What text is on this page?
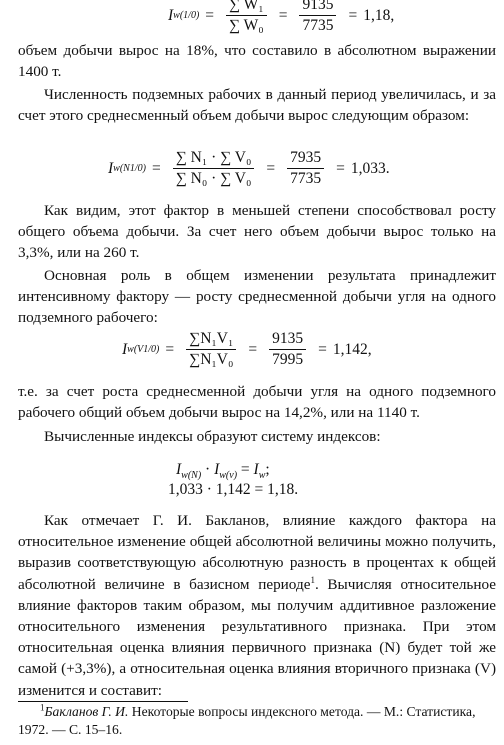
I $w(1/0) = \frac{\text{∑ W₁}}{\text{∑ W₀}} = \frac{9135}{7735} = 1,18$,

объем добычи вырос на 18%, что составило в абсолютном выражении 1400 т.

Численность подземных рабочих в данный период увеличилась, и за счет этого среднесменный объем добычи вырос следующим образом:

I $w(N1/0) = \frac{\text{∑ N₁ · ∑ V₀}}{\text{∑ N₀ · ∑ V₀}} = \frac{7935}{7735} = 1,033$.

Как видим, этот фактор в меньшей степени способствовал росту общего объема добычи. За счет него объем добычи вырос только на 3,3%, или на 260 т.

Основная роль в общем изменении результата принадлежит интенсивному фактору — росту среднесменной добычи угля на одного подземного рабочего:

I $w(V1/0) = \frac{\text{∑N₁V₁}}{\text{∑N₁V₀}} = \frac{9135}{7995} = 1,142$,

т.е. за счет роста среднесменной добычи угля на одного подземного рабочего общий объем добычи вырос на 14,2%, или на 1140 т.

Вычисленные индексы образуют систему индексов:

$I_{w(N)} \cdot I_{w(v)} = I_w$;
1,033 · 1,142 = 1,18.

Как отмечает Г. И. Бакланов, влияние каждого фактора на относительное изменение общей абсолютной величины можно получить, выразив соответствующую абсолютную разность в процентах к общей абсолютной величине в базисном периоде$^1$. Вычисляя относительное влияние факторов таким образом, мы получим аддитивное разложение относительного изменения результативного признака. При этом относительная оценка влияния первичного признака (N) будет той же самой (+3,3%), а относительная оценка влияния вторичного признака (V) изменится и составит:

$^1$Бакланов Г. И. Некоторые вопросы индексного метода. — М.: Статистика, 1972. — С. 15–16.
